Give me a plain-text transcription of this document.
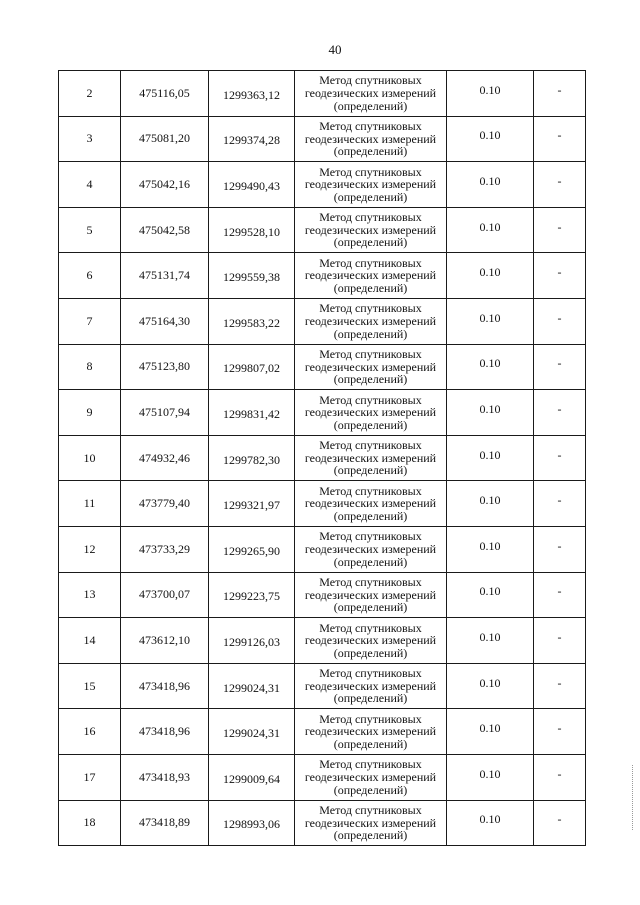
40
2	475116,05	1299363,12	Метод спутниковых
геодезических измерений
(определений)	0.10	-
3	475081,20	1299374,28	Метод спутниковых
геодезических измерений
(определений)	0.10	-
4	475042,16	1299490,43	Метод спутниковых
геодезических измерений
(определений)	0.10	-
5	475042,58	1299528,10	Метод спутниковых
геодезических измерений
(определений)	0.10	-
6	475131,74	1299559,38	Метод спутниковых
геодезических измерений
(определений)	0.10	-
7	475164,30	1299583,22	Метод спутниковых
геодезических измерений
(определений)	0.10	-
8	475123,80	1299807,02	Метод спутниковых
геодезических измерений
(определений)	0.10	-
9	475107,94	1299831,42	Метод спутниковых
геодезических измерений
(определений)	0.10	-
10	474932,46	1299782,30	Метод спутниковых
геодезических измерений
(определений)	0.10	-
11	473779,40	1299321,97	Метод спутниковых
геодезических измерений
(определений)	0.10	-
12	473733,29	1299265,90	Метод спутниковых
геодезических измерений
(определений)	0.10	-
13	473700,07	1299223,75	Метод спутниковых
геодезических измерений
(определений)	0.10	-
14	473612,10	1299126,03	Метод спутниковых
геодезических измерений
(определений)	0.10	-
15	473418,96	1299024,31	Метод спутниковых
геодезических измерений
(определений)	0.10	-
16	473418,96	1299024,31	Метод спутниковых
геодезических измерений
(определений)	0.10	-
17	473418,93	1299009,64	Метод спутниковых
геодезических измерений
(определений)	0.10	-
18	473418,89	1298993,06	Метод спутниковых
геодезических измерений
(определений)	0.10	-
